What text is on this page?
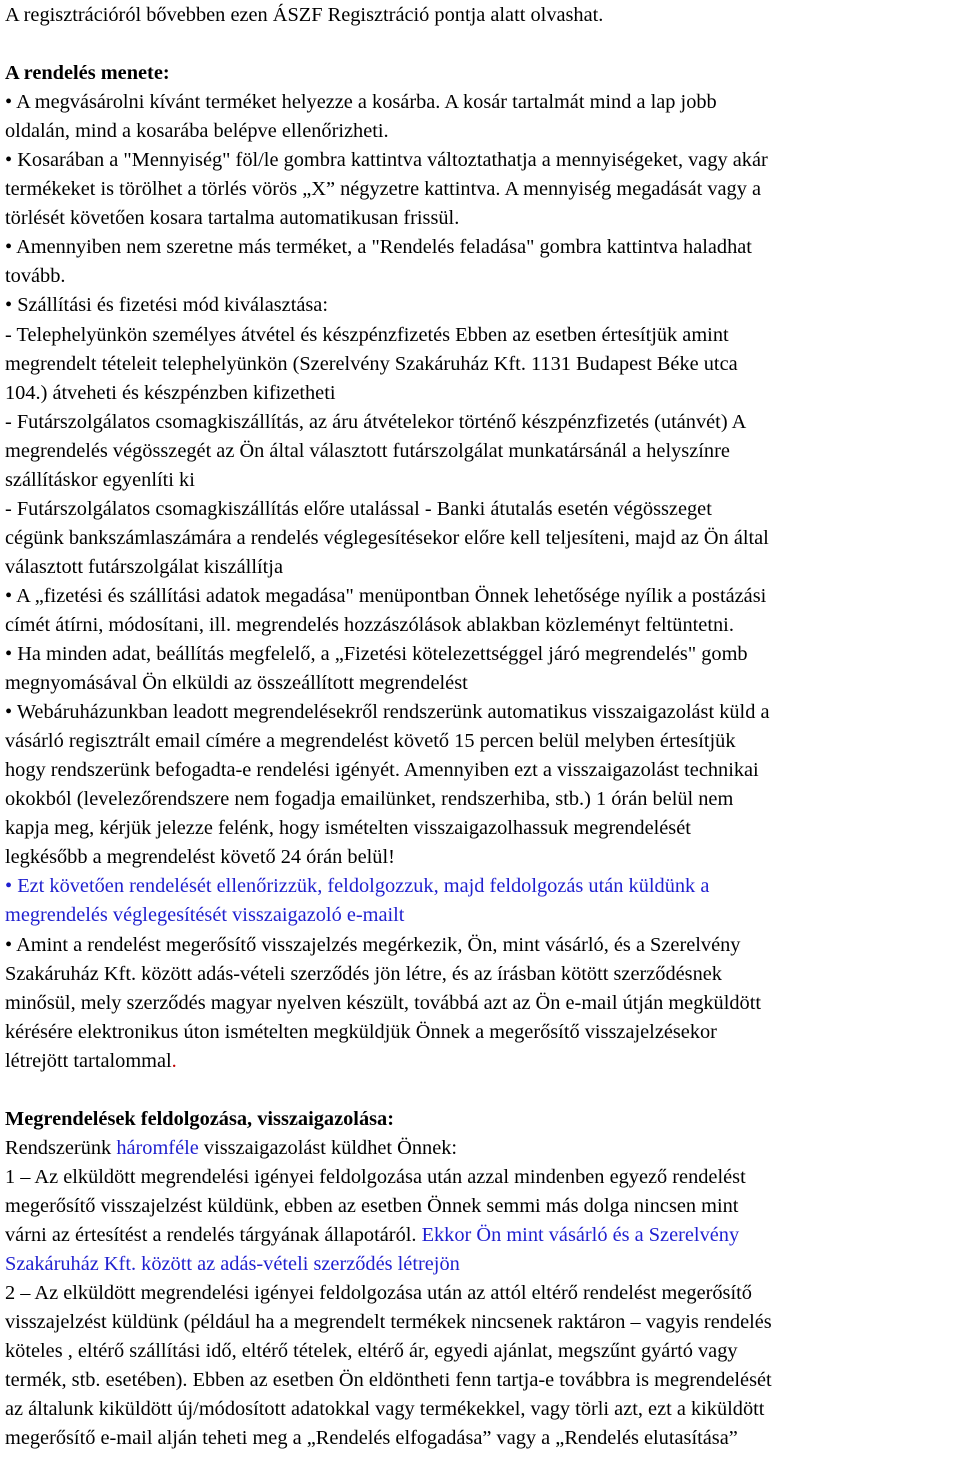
A regisztrációról bővebben ezen ÁSZF Regisztráció pontja alatt olvashat.
A rendelés menete:
• A megvásárolni kívánt terméket helyezze a kosárba. A kosár tartalmát mind a lap jobb
oldalán, mind a kosarába belépve ellenőrizheti.
• Kosarában a "Mennyiség" föl/le gombra kattintva változtathatja a mennyiségeket, vagy akár
termékeket is törölhet a törlés vörös „X” négyzetre kattintva. A mennyiség megadását vagy a
törlését követően kosara tartalma automatikusan frissül.
• Amennyiben nem szeretne más terméket, a "Rendelés feladása" gombra kattintva haladhat
tovább.
• Szállítási és fizetési mód kiválasztása:
- Telephelyünkön személyes átvétel és készpénzfizetés Ebben az esetben értesítjük amint
megrendelt tételeit telephelyünkön (Szerelvény Szakáruház Kft. 1131 Budapest Béke utca
104.) átveheti és készpénzben kifizetheti
- Futárszolgálatos csomagkiszállítás, az áru átvételekor történő készpénzfizetés (utánvét) A
megrendelés végösszegét az Ön által választott futárszolgálat munkatársánál a helyszínre
szállításkor egyenlíti ki
- Futárszolgálatos csomagkiszállítás előre utalással - Banki átutalás esetén végösszeget
cégünk bankszámlaszámára a rendelés véglegesítésekor előre kell teljesíteni, majd az Ön által
választott futárszolgálat kiszállítja
• A „fizetési és szállítási adatok megadása" menüpontban Önnek lehetősége nyílik a postázási
címét átírni, módosítani, ill. megrendelés hozzászólások ablakban közleményt feltüntetni.
• Ha minden adat, beállítás megfelelő, a „Fizetési kötelezettséggel járó megrendelés" gomb
megnyomásával Ön elküldi az összeállított megrendelést
• Webáruházunkban leadott megrendelésekről rendszerünk automatikus visszaigazolást küld a
vásárló regisztrált email címére a megrendelést követő 15 percen belül melyben értesítjük
hogy rendszerünk befogadta-e rendelési igényét. Amennyiben ezt a visszaigazolást technikai
okokból (levelezőrendszere nem fogadja emailünket, rendszerhiba, stb.) 1 órán belül nem
kapja meg, kérjük jelezze felénk, hogy ismételten visszaigazolhassuk megrendelését
legkésőbb a megrendelést követő 24 órán belül!
• Ezt követően rendelését ellenőrizzük, feldolgozzuk, majd feldolgozás után küldünk a
megrendelés véglegesítését visszaigazoló e-mailt
• Amint a rendelést megerősítő visszajelzés megérkezik, Ön, mint vásárló, és a Szerelvény
Szakáruház Kft. között adás-vételi szerződés jön létre, és az írásban kötött szerződésnek
minősül, mely szerződés magyar nyelven készült, továbbá azt az Ön e-mail útján megküldött
kérésére elektronikus úton ismételten megküldjük Önnek a megerősítő visszajelzésekor
létrejött tartalommal.
Megrendelések feldolgozása, visszaigazolása:
Rendszerünk háromféle visszaigazolást küldhet Önnek:
1 – Az elküldött megrendelési igényei feldolgozása után azzal mindenben egyező rendelést
megerősítő visszajelzést küldünk, ebben az esetben Önnek semmi más dolga nincsen mint
várni az értesítést a rendelés tárgyának állapotáról. Ekkor Ön mint vásárló és a Szerelvény
Szakáruház Kft. között az adás-vételi szerződés létrejön
2 – Az elküldött megrendelési igényei feldolgozása után az attól eltérő rendelést megerősítő
visszajelzést küldünk (például ha a megrendelt termékek nincsenek raktáron – vagyis rendelés
köteles , eltérő szállítási idő, eltérő tételek, eltérő ár, egyedi ajánlat, megszűnt gyártó vagy
termék, stb. esetében). Ebben az esetben Ön eldöntheti fenn tartja-e továbbra is megrendelését
az általunk kiküldött új/módosított adatokkal vagy termékekkel, vagy törli azt, ezt a kiküldött
megerősítő e-mail alján teheti meg a „Rendelés elfogadása” vagy a „Rendelés elutasítása”
